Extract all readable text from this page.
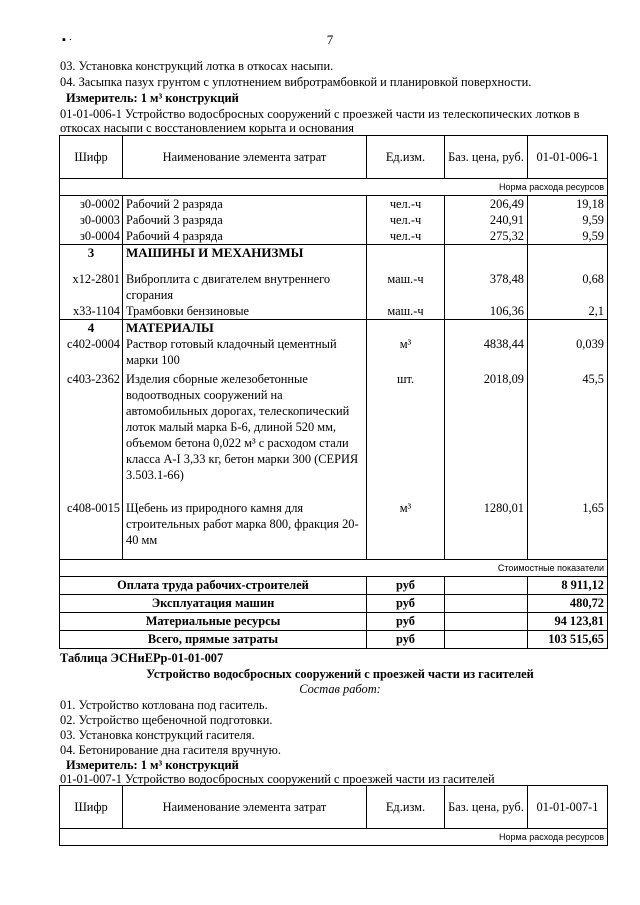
7
▪ ·
03. Установка конструкций лотка в откосах насыпи.
04. Засыпка пазух грунтом с уплотнением вибротрамбовкой и планировкой поверхности.
Измеритель: 1 м³ конструкций
01-01-006-1 Устройство водосбросных сооружений с проезжей части из телескопических лотков в
откосах насыпи с восстановлением корыта и основания
Шифр	Наименование элемента затрат	Ед.изм.	Баз. цена, руб.	01-01-006-1
Норма расхода ресурсов				
з0-0002	Рабочий 2 разряда	чел.-ч	206,49	19,18
з0-0003	Рабочий 3 разряда	чел.-ч	240,91	9,59
з0-0004	Рабочий 4 разряда	чел.-ч	275,32	9,59
3	МАШИНЫ И МЕХАНИЗМЫ			
х12-2801	Виброплита с двигателем внутреннего сгорания	маш.-ч	378,48	0,68
х33-1104	Трамбовки бензиновые	маш.-ч	106,36	2,1
4	МАТЕРИАЛЫ			
с402-0004	Раствор готовый кладочный цементный марки 100	м³	4838,44	0,039
с403-2362	Изделия сборные железобетонные водоотводных сооружений на автомобильных дорогах, телескопический лоток малый марка Б-6, длиной 520 мм, объемом бетона 0,022 м³ с расходом стали класса А-I 3,33 кг, бетон марки 300 (СЕРИЯ 3.503.1-66)	шт.	2018,09	45,5
с408-0015	Щебень из природного камня для строительных работ марка 800, фракция 20-40 мм	м³	1280,01	1,65

Стоимостные показатели				
Оплата труда рабочих-строителей		руб		8 911,12
Эксплуатация машин		руб		480,72
Материальные ресурсы		руб		94 123,81
Всего, прямые затраты		руб		103 515,65
Таблица ЭСНиЕРр-01-01-007
Устройство водосбросных сооружений с проезжей части из гасителей
Состав работ:
01. Устройство котлована под гаситель.
02. Устройство щебеночной подготовки.
03. Установка конструкций гасителя.
04. Бетонирование дна гасителя вручную.
Измеритель: 1 м³ конструкций
01-01-007-1 Устройство водосбросных сооружений с проезжей части из гасителей
Шифр	Наименование элемента затрат	Ед.изм.	Баз. цена, руб.	01-01-007-1
Норма расхода ресурсов
